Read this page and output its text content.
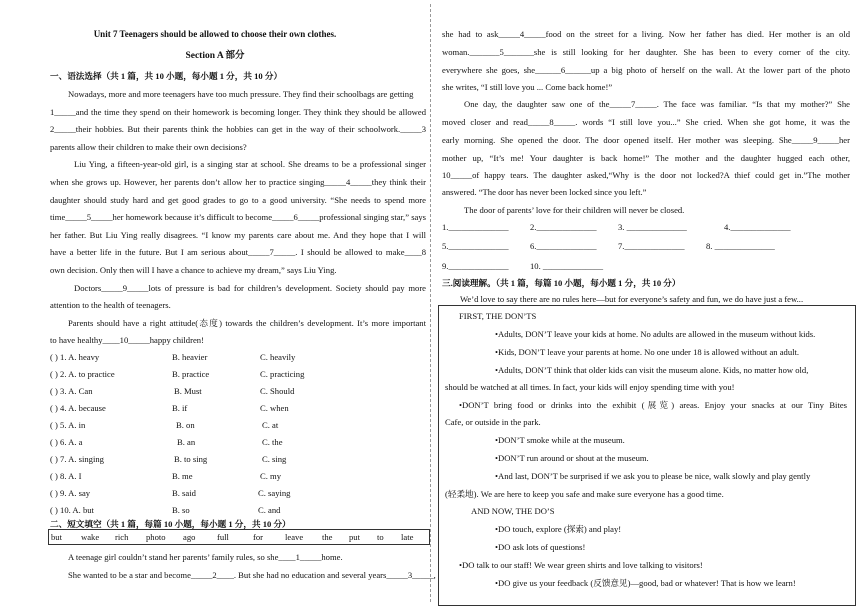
Unit 7 Teenagers should be allowed to choose their own clothes.
Section A 部分
一、语法选择（共 1 篇，共 10 小题，每小题 1 分，共 10 分）
Nowadays, more and more teenagers have too much pressure. They find their schoolbags are getting
1_____and the time they spend on their homework is becoming longer. They think they should be allowed
2_____their hobbies. But their parents think the hobbies can get in the way of their schoolwork._____3
parents allow their children to make their own decisions?
Liu Ying, a fifteen-year-old girl, is a singing star at school. She dreams to be a professional singer
when she grows up. However, her parents don’t allow her to practice singing_____4_____they think their
daughter should study hard and get good grades to go to a good university. “She needs to spend more
time_____5_____her homework because it’s difficult to become_____6_____professional singing star,” says
her father. But Liu Ying really disagrees. “I know my parents care about me. And they hope that I will
have a better life in the future. But I am serious about_____7_____. I should be allowed to make____8
own decision. Only then will I have a chance to achieve my dream,” says Liu Ying.
Doctors_____9_____lots of pressure is bad for children’s development. Society should pay more
attention to the health of teenagers.
Parents should have a right attitude(态度) towards the children’s development. It’s more important
to have healthy____10_____happy children!
( ) 1. A. heavy	B. heavier	C. heavily
( ) 2. A. to practice	B. practice	C. practicing
( ) 3. A. Can	B. Must	C. Should
( ) 4. A. because	B. if	C. when
( ) 5. A. in	B. on	C. at
( ) 6. A. a	B. an	C. the
( ) 7. A. singing	B. to sing	C. sing
( ) 8. A. I	B. me	C. my
( ) 9. A. say	B. said	C. saying
( ) 10. A. but	B. so	C. and
二、短文填空（共 1 篇，每篇 10 小题，每小题 1 分，共 10 分）
but wake rich photo ago	full	for	leave the put to late
A teenage girl couldn’t stand her parents’ family rules, so she____1_____home.
She wanted to be a star and become_____2____. But she had no education and several years_____3_____,
she had to ask_____4_____food on the street for a living. Now her father has died. Her mother is an old
woman._______5_______she is still looking for her daughter. She has been to every corner of the city.
everywhere she goes, she______6______up a big photo of herself on the wall. At the lower part of the photo
she writes, “I still love you ... Come back home!”
One day, the daughter saw one of the_____7_____. The face was familiar. “Is that my mother?” She
moved closer and read_____8_____. words “I still love you...” She cried. When she got home, it was the
early morning. She opened the door. The door opened itself. Her mother was sleeping. She_____9_____her
mother up, “It’s me! Your daughter is back home!” The mother and the daughter hugged each other,
10_____of happy tears. The daughter asked,“Why is the door not locked?A thief could get in.”The mother
answered. “The door has never been locked since you left.”
The door of parents’ love for their children will never be closed.
1.______________ 2.______________ 3. ______________	4.______________
5.______________ 6.______________ 7.______________ 8. ______________
9.______________ 10. ______________
三.阅读理解。（共 1 篇，每篇 10 小题，每小题 1 分，共 10 分）
We’d love to say there are no rules here—but for everyone’s safety and fun, we do have just a few...
FIRST, THE DON’TS
•Adults, DON’T leave your kids at home. No adults are allowed in the museum without kids.
•Kids, DON’T leave your parents at home. No one under 18 is allowed without an adult.
•Adults, DON’T think that older kids can visit the museum alone. Kids, no matter how old,
should be watched at all times. In fact, your kids will enjoy spending time with you!
•DON’T bring food or drinks into the exhibit (展览) areas. Enjoy your snacks at our Tiny Bites
Cafe, or outside in the park.
•DON’T smoke while at the museum.
•DON’T run around or shout at the museum.
•And last, DON’T be surprised if we ask you to please be nice, walk slowly and play gently
(轻柔地). We are here to keep you safe and make sure everyone has a good time.
AND NOW, THE DO’S
•DO touch, explore (探索) and play!
•DO ask lots of questions!
•DO talk to our staff! We wear green shirts and love talking to visitors!
•DO give us your feedback (反馈意见)—good, bad or whatever! That is how we learn!
